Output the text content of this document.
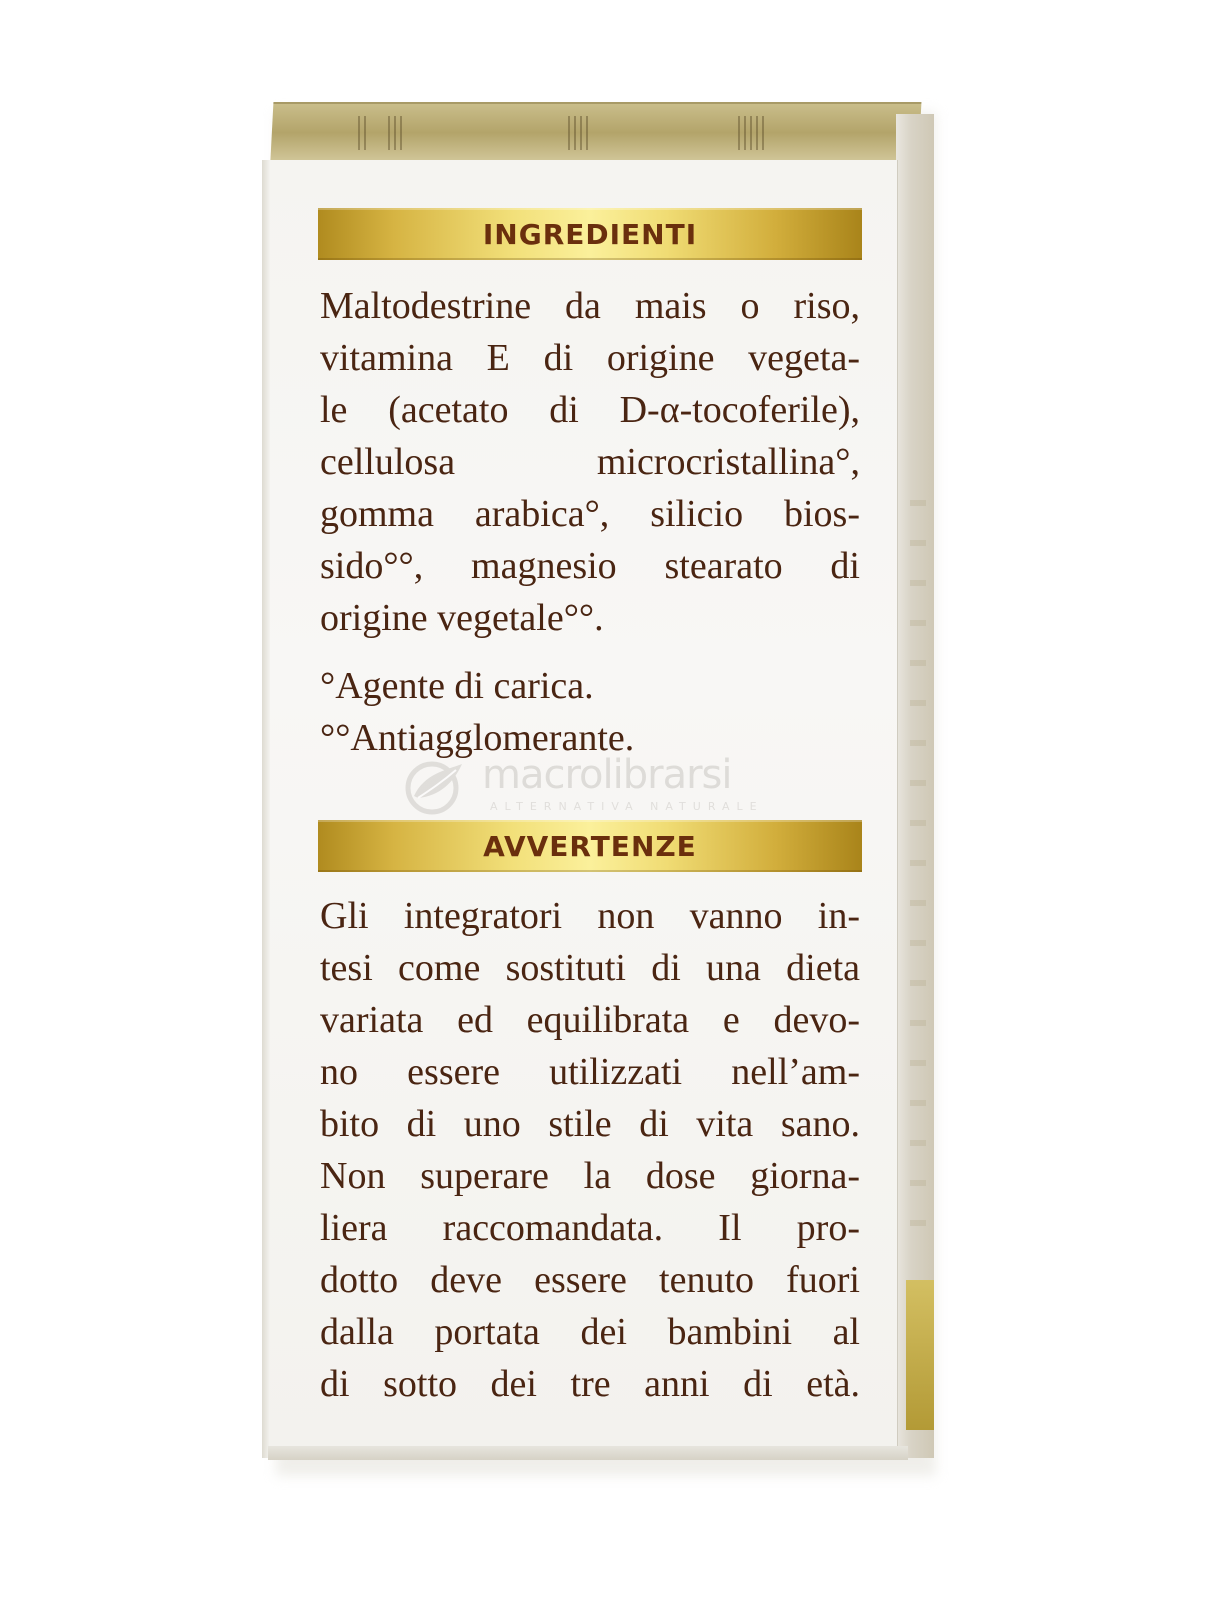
INGREDIENTI
Maltodestrine da mais o riso,
vitamina E di origine vegeta-
le (acetato di D-α-tocoferile),
cellulosa microcristallina°,
gomma arabica°, silicio bios-
sido°°, magnesio stearato di
origine vegetale°°.
°Agente di carica.
°°Antiagglomerante.
macrolibrarsi
ALTERNATIVA NATURALE
AVVERTENZE
Gli integratori non vanno in-
tesi come sostituti di una dieta
variata ed equilibrata e devo-
no essere utilizzati nell’am-
bito di uno stile di vita sano.
Non superare la dose giorna-
liera raccomandata. Il pro-
dotto deve essere tenuto fuori
dalla portata dei bambini al
di sotto dei tre anni di età.
